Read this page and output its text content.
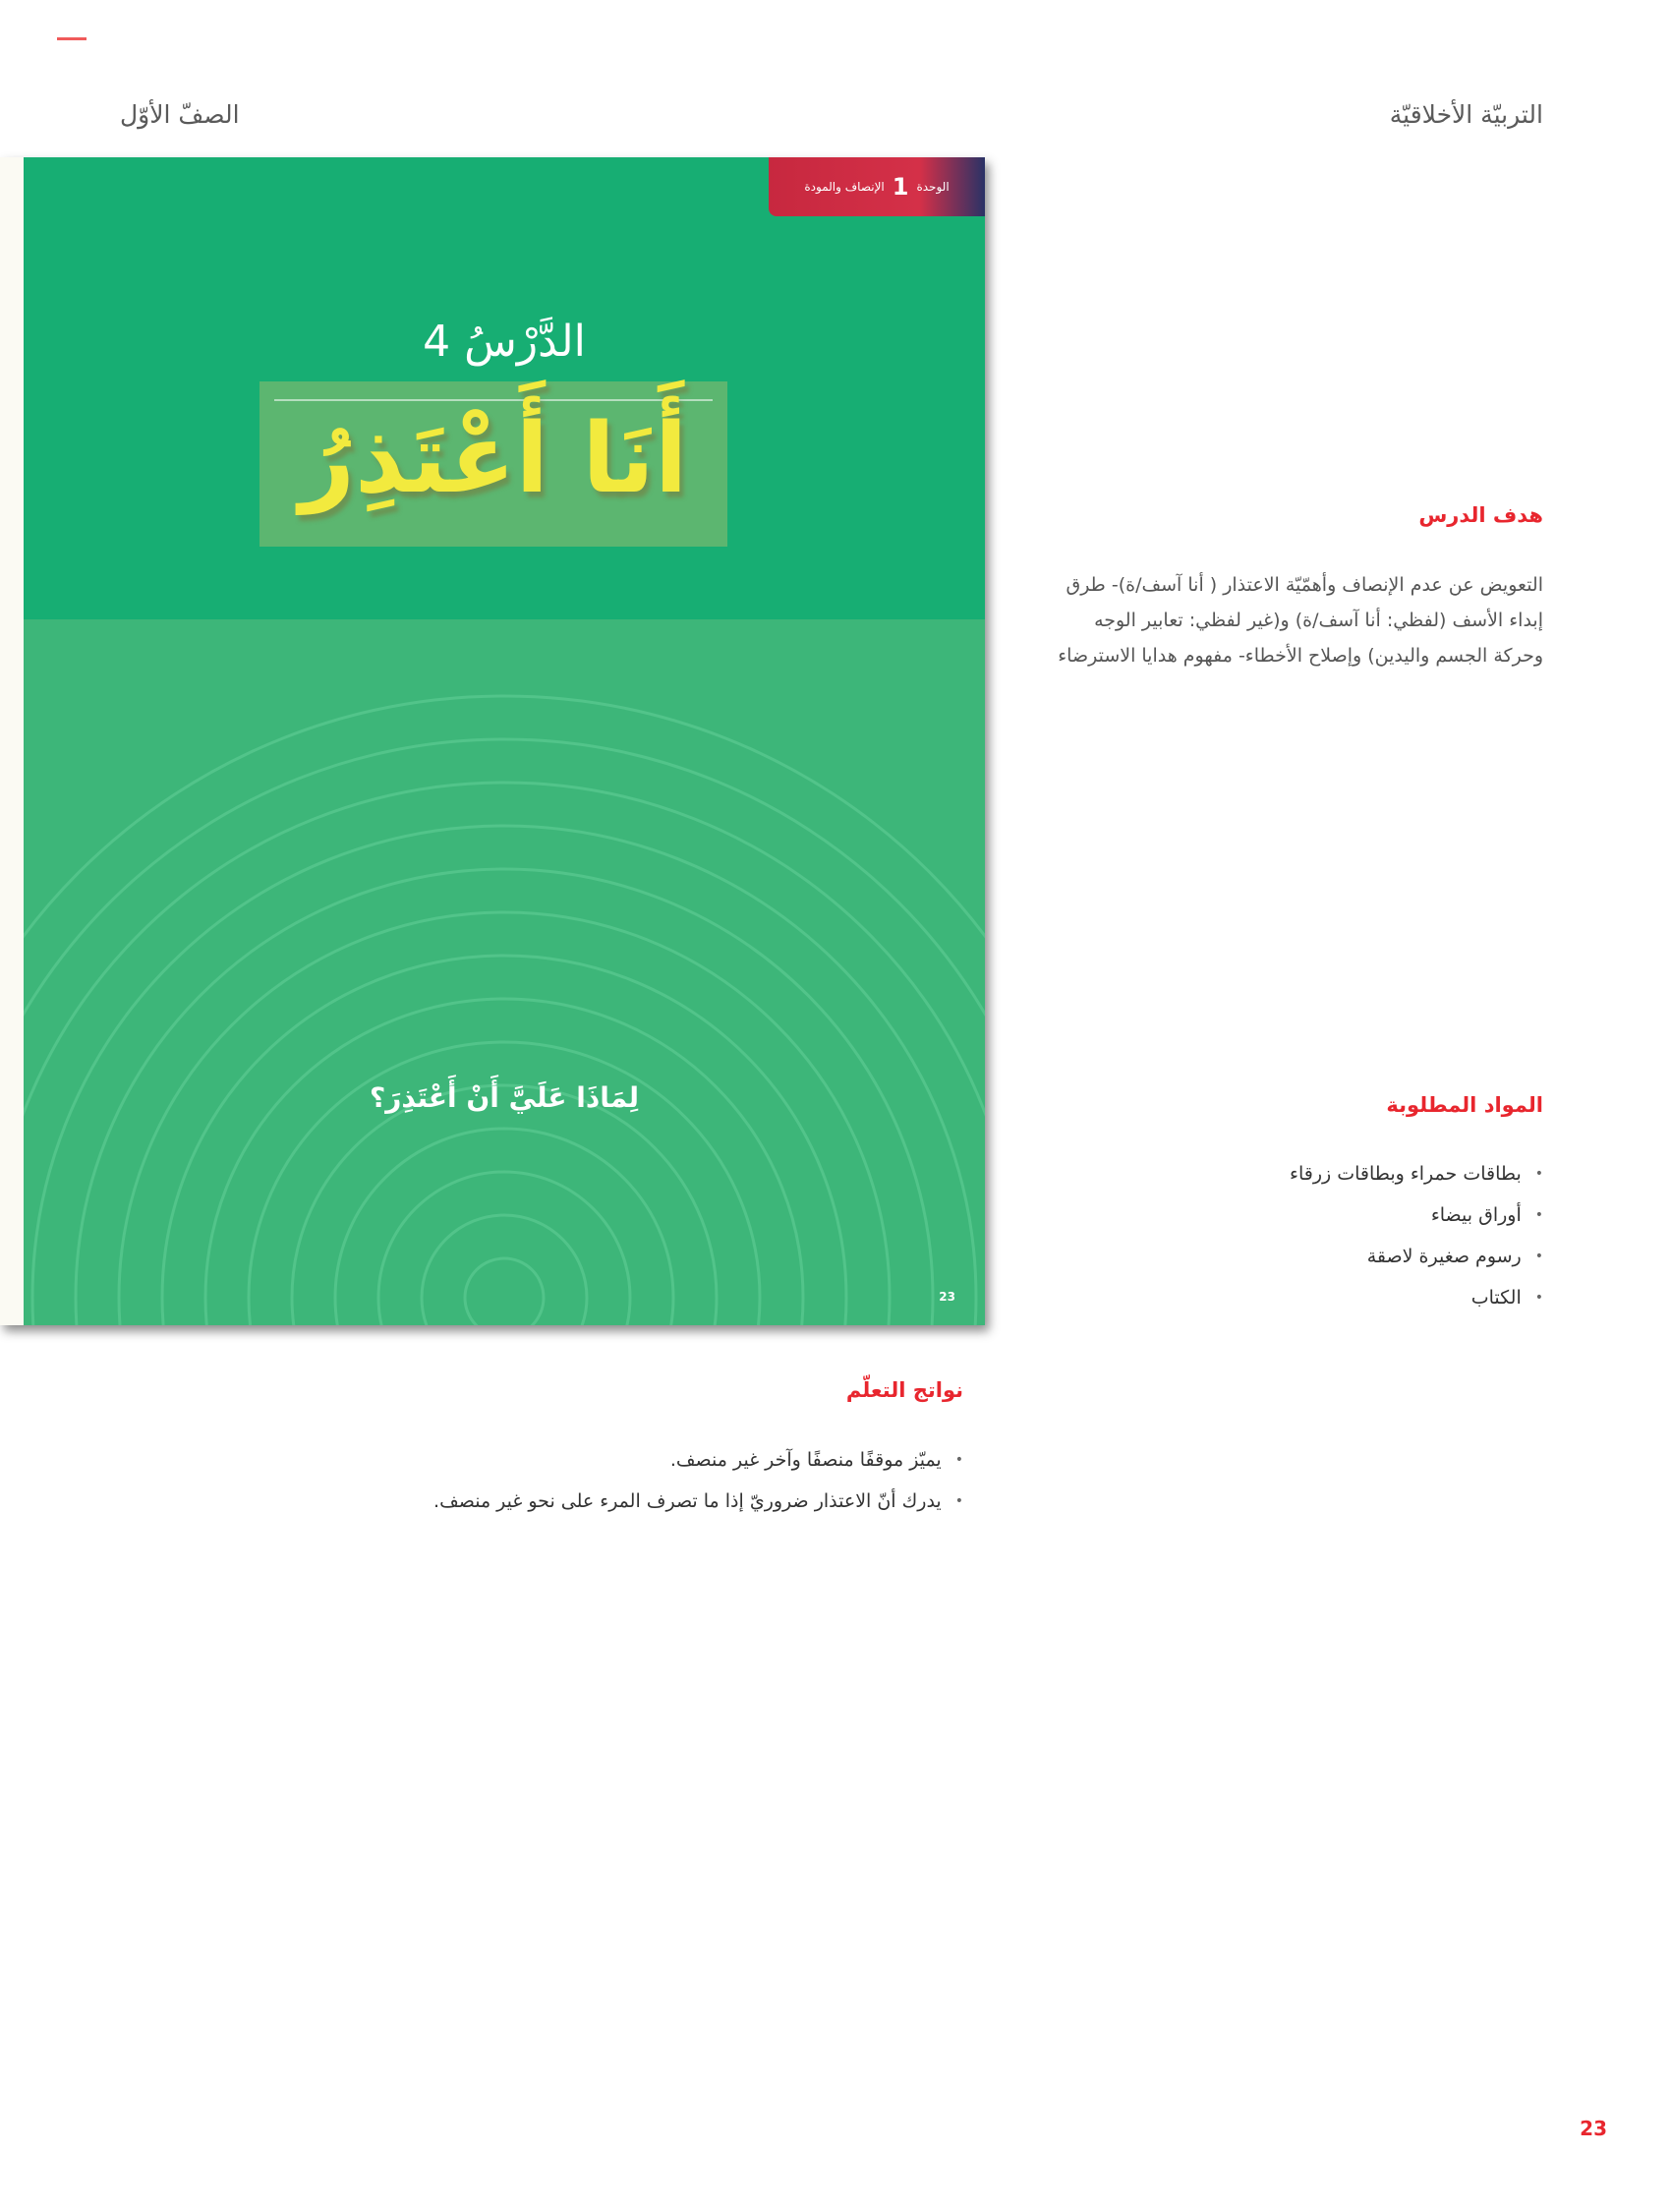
التربيّة الأخلاقيّة
الصفّ الأوّل
الوحدة
1
الإنصاف والمودة
الدَّرْسُ 4
أَنَا أَعْتَذِرُ
لِمَاذَا عَلَيَّ أَنْ أَعْتَذِرَ؟
23
هدف الدرس
التعويض عن عدم الإنصاف وأهمّيّة الاعتذار ( أنا آسف/ة)- طرق إبداء الأسف (لفظي: أنا آسف/ة) و(غير لفظي: تعابير الوجه وحركة الجسم واليدين) وإصلاح الأخطاء- مفهوم هدايا الاسترضاء
المواد المطلوبة
•
بطاقات حمراء وبطاقات زرقاء
•
أوراق بيضاء
•
رسوم صغيرة لاصقة
•
الكتاب
نواتج التعلّم
•
يميّز موقفًا منصفًا وآخر غير منصف.
•
يدرك أنّ الاعتذار ضروريّ إذا ما تصرف المرء على نحو غير منصف.
23
